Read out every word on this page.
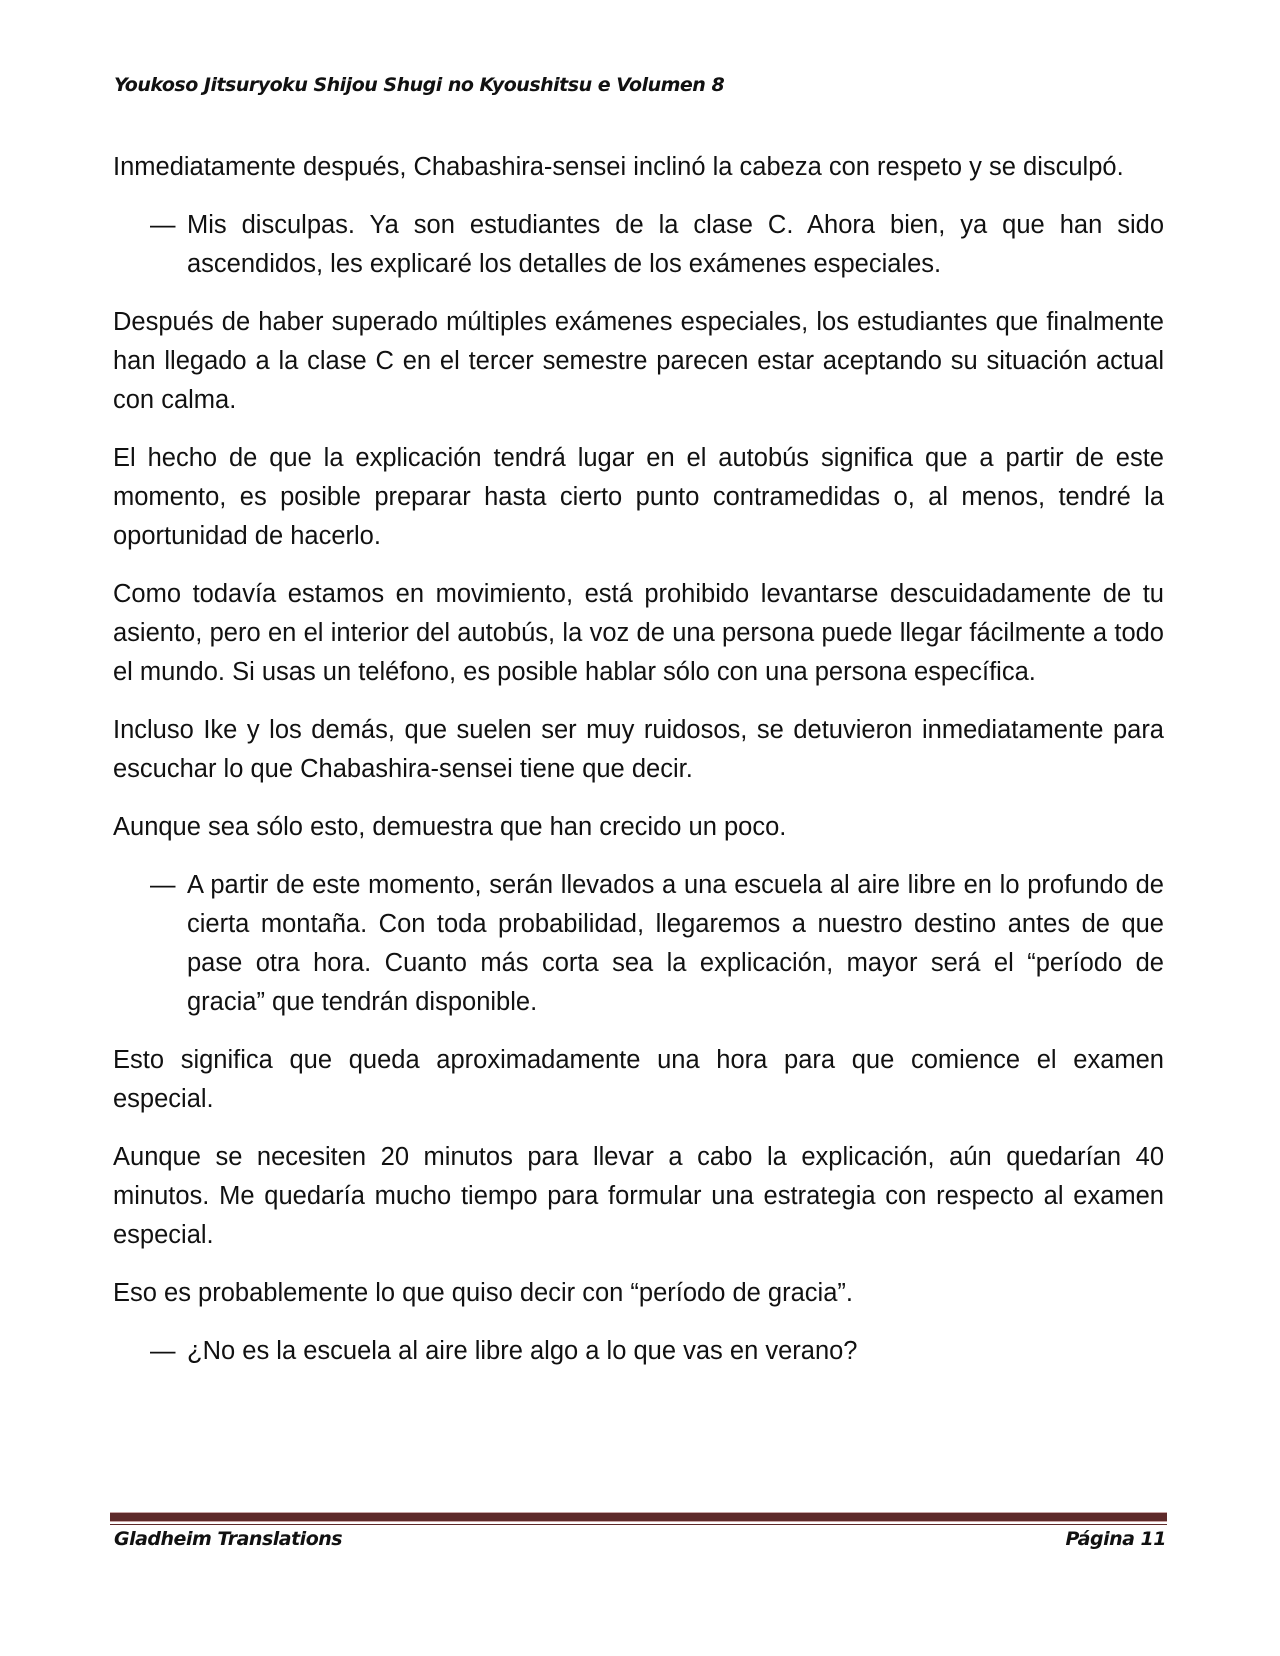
Youkoso Jitsuryoku Shijou Shugi no Kyoushitsu e Volumen 8

Inmediatamente después, Chabashira-sensei inclinó la cabeza con respeto y se disculpó.

— Mis disculpas. Ya son estudiantes de la clase C. Ahora bien, ya que han sido ascendidos, les explicaré los detalles de los exámenes especiales.

Después de haber superado múltiples exámenes especiales, los estudiantes que finalmente han llegado a la clase C en el tercer semestre parecen estar aceptando su situación actual con calma.

El hecho de que la explicación tendrá lugar en el autobús significa que a partir de este momento, es posible preparar hasta cierto punto contramedidas o, al menos, tendré la oportunidad de hacerlo.

Como todavía estamos en movimiento, está prohibido levantarse descuidadamente de tu asiento, pero en el interior del autobús, la voz de una persona puede llegar fácilmente a todo el mundo. Si usas un teléfono, es posible hablar sólo con una persona específica.

Incluso Ike y los demás, que suelen ser muy ruidosos, se detuvieron inmediatamente para escuchar lo que Chabashira-sensei tiene que decir.

Aunque sea sólo esto, demuestra que han crecido un poco.

— A partir de este momento, serán llevados a una escuela al aire libre en lo profundo de cierta montaña. Con toda probabilidad, llegaremos a nuestro destino antes de que pase otra hora. Cuanto más corta sea la explicación, mayor será el “período de gracia” que tendrán disponible.

Esto significa que queda aproximadamente una hora para que comience el examen especial.

Aunque se necesiten 20 minutos para llevar a cabo la explicación, aún quedarían 40 minutos. Me quedaría mucho tiempo para formular una estrategia con respecto al examen especial.

Eso es probablemente lo que quiso decir con “período de gracia”.

— ¿No es la escuela al aire libre algo a lo que vas en verano?
Gladheim Translations	Página 11
